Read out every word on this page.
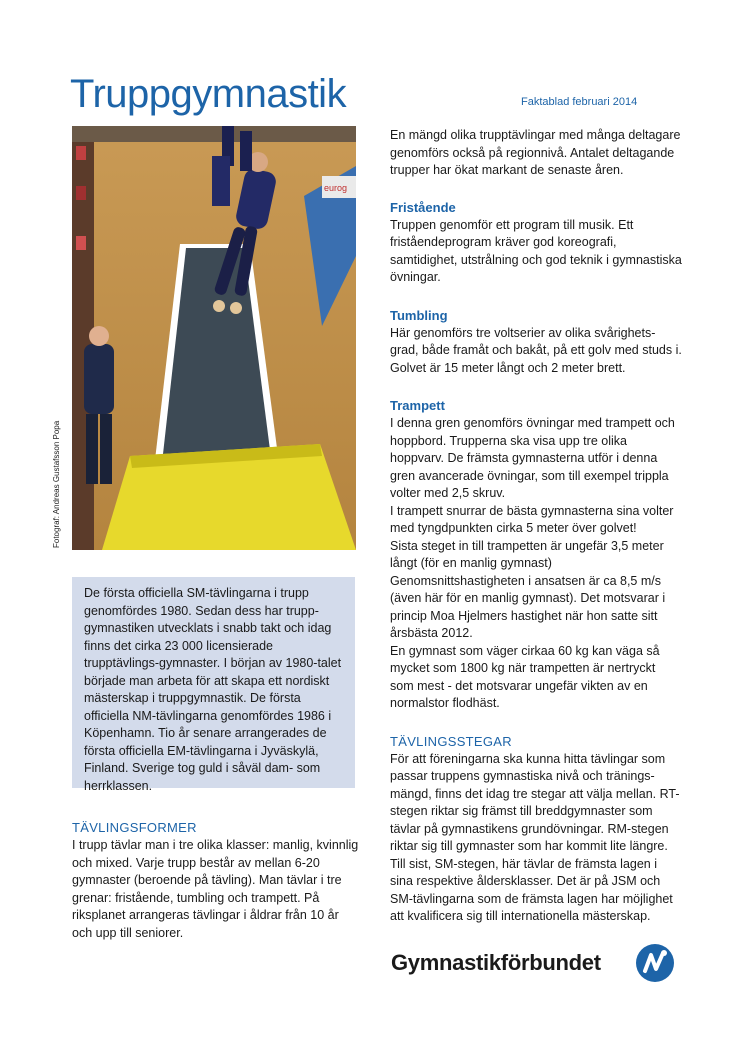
Truppgymnastik	Faktablad februari 2014
eurog
Fotograf: Andreas Gustafsson Popa

De första officiella SM-tävlingarna i trupp genomfördes 1980. Sedan dess har trupp-gymnastiken utvecklats i snabb takt och idag finns det cirka 23 000 licensierade trupptävlings-gymnaster. I början av 1980-talet började man arbeta för att skapa ett nordiskt mästerskap i truppgymnastik. De första officiella NM-tävlingarna genomfördes 1986 i Köpenhamn. Tio år senare arrangerades de första officiella EM-tävlingarna i Jyväskylä, Finland. Sverige tog guld i såväl dam- som herrklassen.

TÄVLINGSFORMER

I trupp tävlar man i tre olika klasser: manlig, kvinnlig och mixed. Varje trupp består av mellan 6-20 gymnaster (beroende på tävling). Man tävlar i tre grenar: fristående, tumbling och trampett. På riksplanet arrangeras tävlingar i åldrar från 10 år och upp till seniorer.

En mängd olika trupptävlingar med många deltagare genomförs också på regionnivå. Antalet deltagande trupper har ökat markant de senaste åren.

Fristående

Truppen genomför ett program till musik. Ett friståendeprogram kräver god koreografi, samtidighet, utstrålning och god teknik i gymnastiska övningar.

Tumbling

Här genomförs tre voltserier av olika svårighets-grad, både framåt och bakåt, på ett golv med studs i. Golvet är 15 meter långt och 2 meter brett.

Trampett

I denna gren genomförs övningar med trampett och hoppbord. Trupperna ska visa upp tre olika hoppvarv. De främsta gymnasterna utför i denna gren avancerade övningar, som till exempel trippla volter med 2,5 skruv.

I trampett snurrar de bästa gymnasterna sina volter med tyngdpunkten cirka 5 meter över golvet!

Sista steget in till trampetten är ungefär 3,5 meter långt (för en manlig gymnast) Genomsnittshastigheten i ansatsen är ca 8,5 m/s (även här för en manlig gymnast). Det motsvarar i princip Moa Hjelmers hastighet när hon satte sitt årsbästa 2012.

En gymnast som väger cirkaa 60 kg kan väga så mycket som 1800 kg när trampetten är nertryckt som mest - det motsvarar ungefär vikten av en normalstor flodhäst.

TÄVLINGSSTEGAR

För att föreningarna ska kunna hitta tävlingar som passar truppens gymnastiska nivå och tränings-mängd, finns det idag tre stegar att välja mellan. RT-stegen riktar sig främst till breddgymnaster som tävlar på gymnastikens grundövningar. RM-stegen riktar sig till gymnaster som har kommit lite längre. Till sist, SM-stegen, här tävlar de främsta lagen i sina respektive åldersklasser. Det är på JSM och SM-tävlingarna som de främsta lagen har möjlighet att kvalificera sig till internationella mästerskap.

Gymnastikförbundet
